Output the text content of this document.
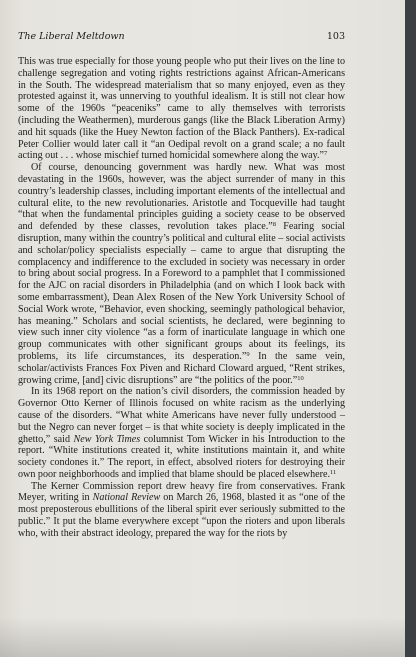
The Liberal Meltdown	103

This was true especially for those young people who put their lives on the line to challenge segregation and voting rights restrictions against African-Americans in the South. The widespread materialism that so many enjoyed, even as they protested against it, was unnerving to youthful idealism. It is still not clear how some of the 1960s “peaceniks” came to ally themselves with terrorists (including the Weathermen), murderous gangs (like the Black Liberation Army) and hit squads (like the Huey Newton faction of the Black Panthers). Ex-radical Peter Collier would later call it “an Oedipal revolt on a grand scale; a no fault acting out . . . whose mischief turned homicidal somewhere along the way.”$^7$

Of course, denouncing government was hardly new. What was most devastating in the 1960s, however, was the abject surrender of many in this country’s leadership classes, including important elements of the intellectual and cultural elite, to the new revolutionaries. Aristotle and Tocqueville had taught “that when the fundamental principles guiding a society cease to be observed and defended by these classes, revolution takes place.”$^8$ Fearing social disruption, many within the country’s political and cultural elite – social activists and scholar/policy specialists especially – came to argue that disrupting the complacency and indifference to the excluded in society was necessary in order to bring about social progress. In a Foreword to a pamphlet that I commissioned for the AJC on racial disorders in Philadelphia (and on which I look back with some embarrassment), Dean Alex Rosen of the New York University School of Social Work wrote, “Behavior, even shocking, seemingly pathological behavior, has meaning.” Scholars and social scientists, he declared, were beginning to view such inner city violence “as a form of inarticulate language in which one group communicates with other significant groups about its feelings, its problems, its life circumstances, its desperation.”$^9$ In the same vein, scholar/activists Frances Fox Piven and Richard Cloward argued, “Rent strikes, growing crime, [and] civic disruptions” are “the politics of the poor.”$^{10}$

In its 1968 report on the nation’s civil disorders, the commission headed by Governor Otto Kerner of Illinois focused on white racism as the underlying cause of the disorders. “What white Americans have never fully understood – but the Negro can never forget – is that white society is deeply implicated in the ghetto,” said New York Times columnist Tom Wicker in his Introduction to the report. “White institutions created it, white institutions maintain it, and white society condones it.” The report, in effect, absolved rioters for destroying their own poor neighborhoods and implied that blame should be placed elsewhere.$^{11}$

The Kerner Commission report drew heavy fire from conservatives. Frank Meyer, writing in National Review on March 26, 1968, blasted it as “one of the most preposterous ebullitions of the liberal spirit ever seriously submitted to the public.” It put the blame everywhere except “upon the rioters and upon liberals who, with their abstract ideology, prepared the way for the riots by
